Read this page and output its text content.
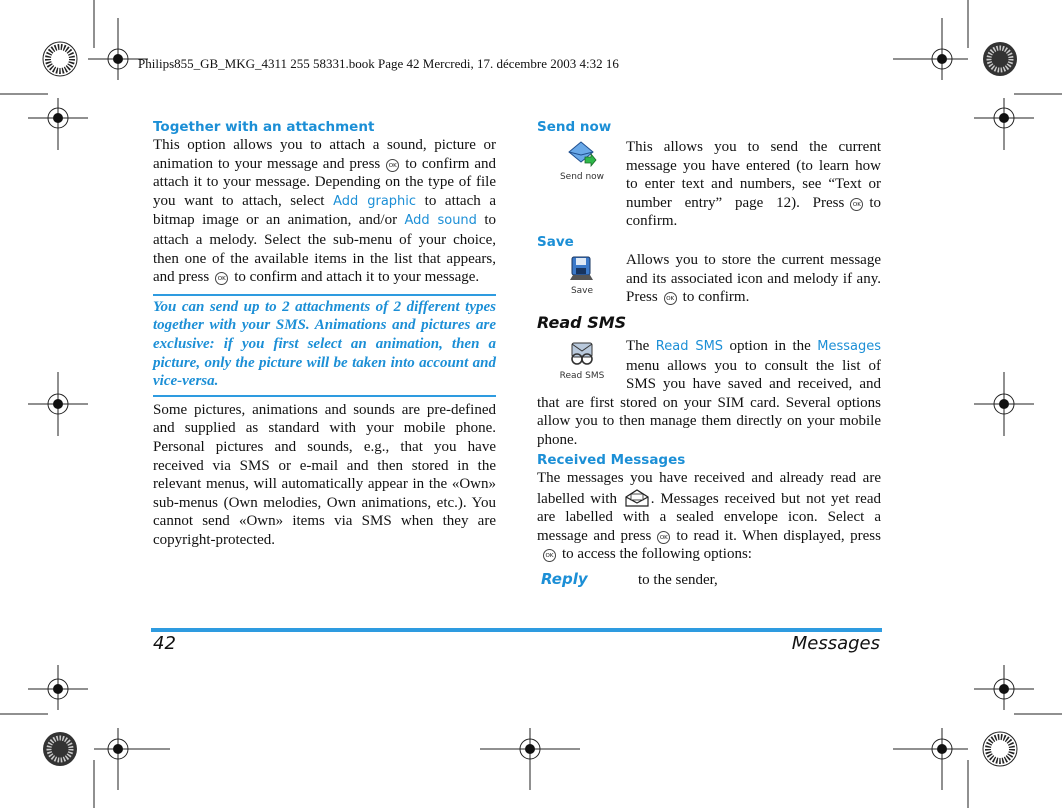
Philips855_GB_MKG_4311 255 58331.book Page 42 Mercredi, 17. décembre 2003 4:32 16
Together with an attachment

This option allows you to attach a sound, picture or animation to your message and press OK to confirm and attach it to your message. Depending on the type of file you want to attach, select Add graphic to attach a bitmap image or an animation, and/or Add sound to attach a melody. Select the sub-menu of your choice, then one of the available items in the list that appears, and press OK to confirm and attach it to your message.

You can send up to 2 attachments of 2 different types together with your SMS. Animations and pictures are exclusive: if you first select an animation, then a picture, only the picture will be taken into account and vice-versa.

Some pictures, animations and sounds are pre-defined and supplied as standard with your mobile phone. Personal pictures and sounds, e.g., that you have received via SMS or e-mail and then stored in the relevant menus, will automatically appear in the «Own» sub-menus (Own melodies, Own animations, etc.). You cannot send «Own» items via SMS when they are copyright-protected.

Send now
Send now

This allows you to send the current message you have entered (to learn how to enter text and numbers, see “Text or number entry” page 12). Press OK to confirm.

Save
Save

Allows you to store the current message and its associated icon and melody if any. Press OK to confirm.

Read SMS
Read SMS

The Read SMS option in the Messages menu allows you to consult the list of SMS you have saved and received, and that are first stored on your SIM card. Several options allow you to then manage them directly on your mobile phone.

Received Messages

The messages you have received and already read are labelled with . Messages received but not yet read are labelled with a sealed envelope icon. Select a message and press OK to read it. When displayed, pressOK to access the following options:

Reply	to the sender,
42	Messages
